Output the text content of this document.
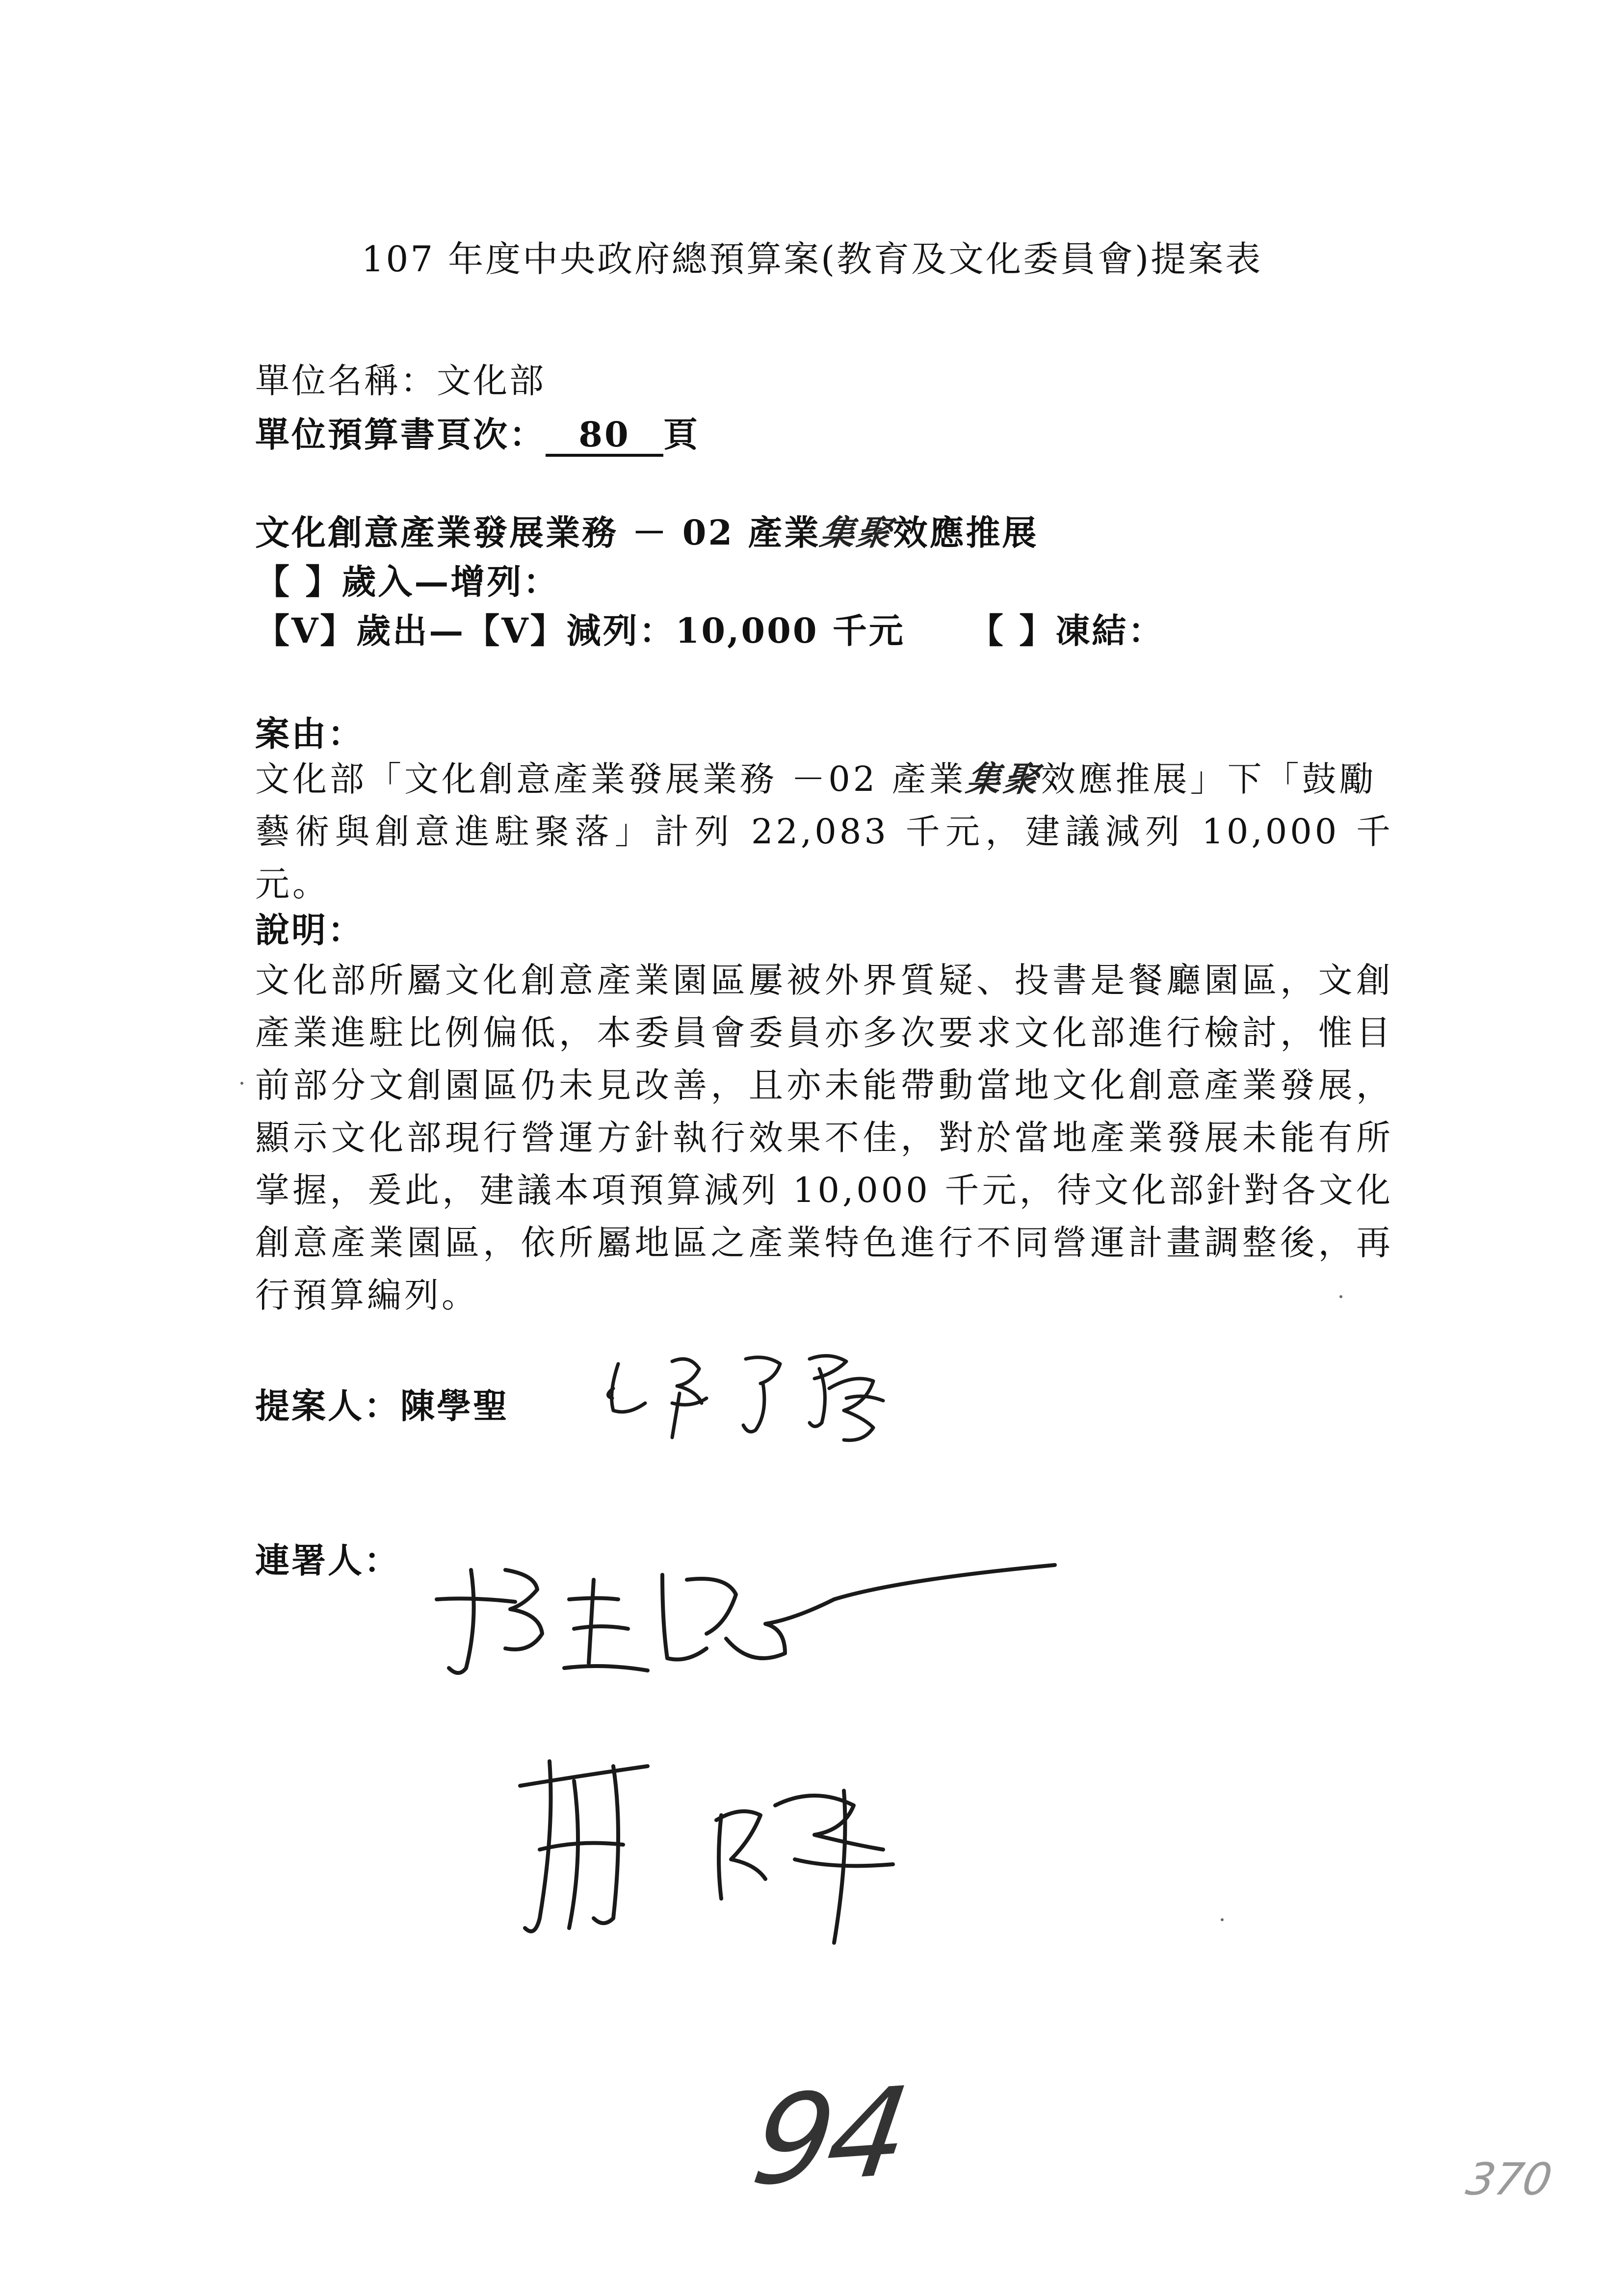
107 年度中央政府總預算案(教育及文化委員會)提案表
單位名稱：文化部
單位預算書頁次： 80 頁
文化創意產業發展業務 － 02 產業集聚效應推展
【 】歲入—增列：
【V】歲出—【V】減列：10,000 千元 【 】凍結：
案由：
文化部「文化創意產業發展業務 －02 產業集聚效應推展」下「鼓勵
藝術與創意進駐聚落」計列 22,083 千元，建議減列 10,000 千元。
說明：
文化部所屬文化創意產業園區屢被外界質疑、投書是餐廳園區，文創產業進駐比例偏低，本委員會委員亦多次要求文化部進行檢討，惟目前部分文創園區仍未見改善，且亦未能帶動當地文化創意產業發展，顯示文化部現行營運方針執行效果不佳，對於當地產業發展未能有所掌握，爰此，建議本項預算減列 10,000 千元，待文化部針對各文化創意產業園區，依所屬地區之產業特色進行不同營運計畫調整後，再行預算編列。
提案人：陳學聖
連署人：
94	370
